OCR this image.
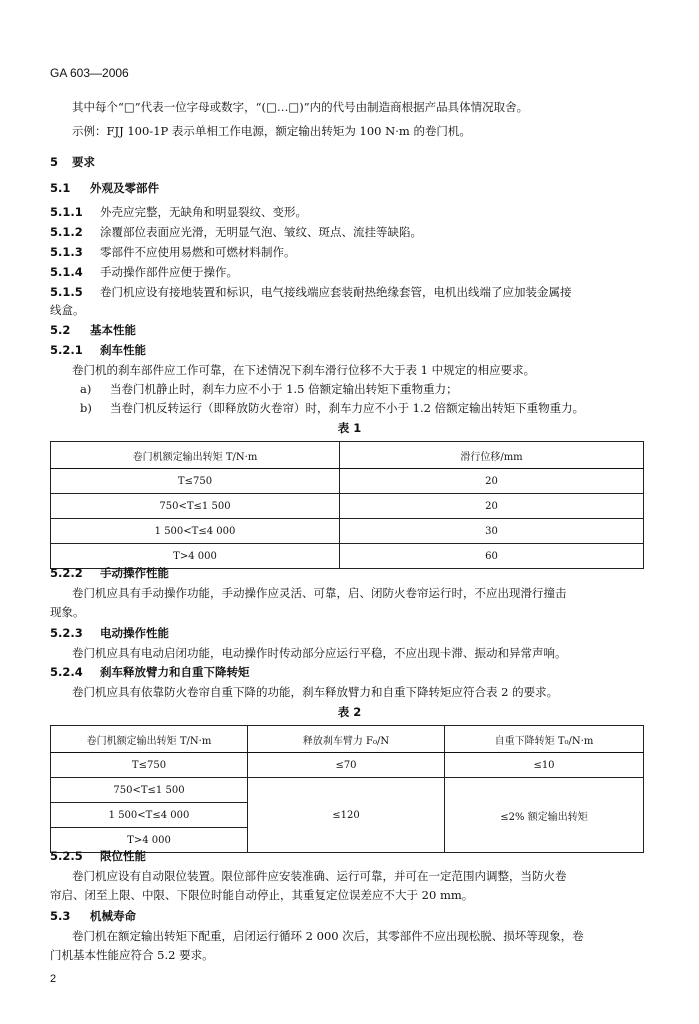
GA 603—2006
其中每个“□”代表一位字母或数字，“(□…□)”内的代号由制造商根据产品具体情况取舍。
示例：FJJ 100-1P 表示单相工作电源，额定输出转矩为 100 N·m 的卷门机。
5 要求
5.1 外观及零部件
5.1.1 外壳应完整，无缺角和明显裂纹、变形。
5.1.2 涂覆部位表面应光滑，无明显气泡、皱纹、斑点、流挂等缺陷。
5.1.3 零部件不应使用易燃和可燃材料制作。
5.1.4 手动操作部件应便于操作。
5.1.5 卷门机应设有接地装置和标识，电气接线端应套装耐热绝缘套管，电机出线端了应加装金属接
线盒。
5.2 基本性能
5.2.1 刹车性能
卷门机的刹车部件应工作可靠，在下述情况下刹车滑行位移不大于表 1 中规定的相应要求。
a) 当卷门机静止时，刹车力应不小于 1.5 倍额定输出转矩下重物重力；
b) 当卷门机反转运行（即释放防火卷帘）时，刹车力应不小于 1.2 倍额定输出转矩下重物重力。
表 1
卷门机额定输出转矩 T/N·m	滑行位移/mm
T≤750	20
750<T≤1 500	20
1 500<T≤4 000	30
T>4 000	60
5.2.2 手动操作性能
卷门机应具有手动操作功能，手动操作应灵活、可靠，启、闭防火卷帘运行时，不应出现滑行撞击
现象。
5.2.3 电动操作性能
卷门机应具有电动启闭功能，电动操作时传动部分应运行平稳，不应出现卡滞、振动和异常声响。
5.2.4 刹车释放臂力和自重下降转矩
卷门机应具有依靠防火卷帘自重下降的功能，刹车释放臂力和自重下降转矩应符合表 2 的要求。
表 2
卷门机额定输出转矩 T/N·m	释放刹车臂力 F₀/N	自重下降转矩 T₀/N·m
T≤750	≤70	≤10
750<T≤1 500	≤120	≤2% 额定输出转矩
1 500<T≤4 000		
T>4 000		
5.2.5 限位性能
卷门机应设有自动限位装置。限位部件应安装准确、运行可靠，并可在一定范围内调整，当防火卷
帘启、闭至上限、中限、下限位时能自动停止，其重复定位误差应不大于 20 mm。
5.3 机械寿命
卷门机在额定输出转矩下配重，启闭运行循环 2 000 次后，其零部件不应出现松脱、损坏等现象，卷
门机基本性能应符合 5.2 要求。
2
